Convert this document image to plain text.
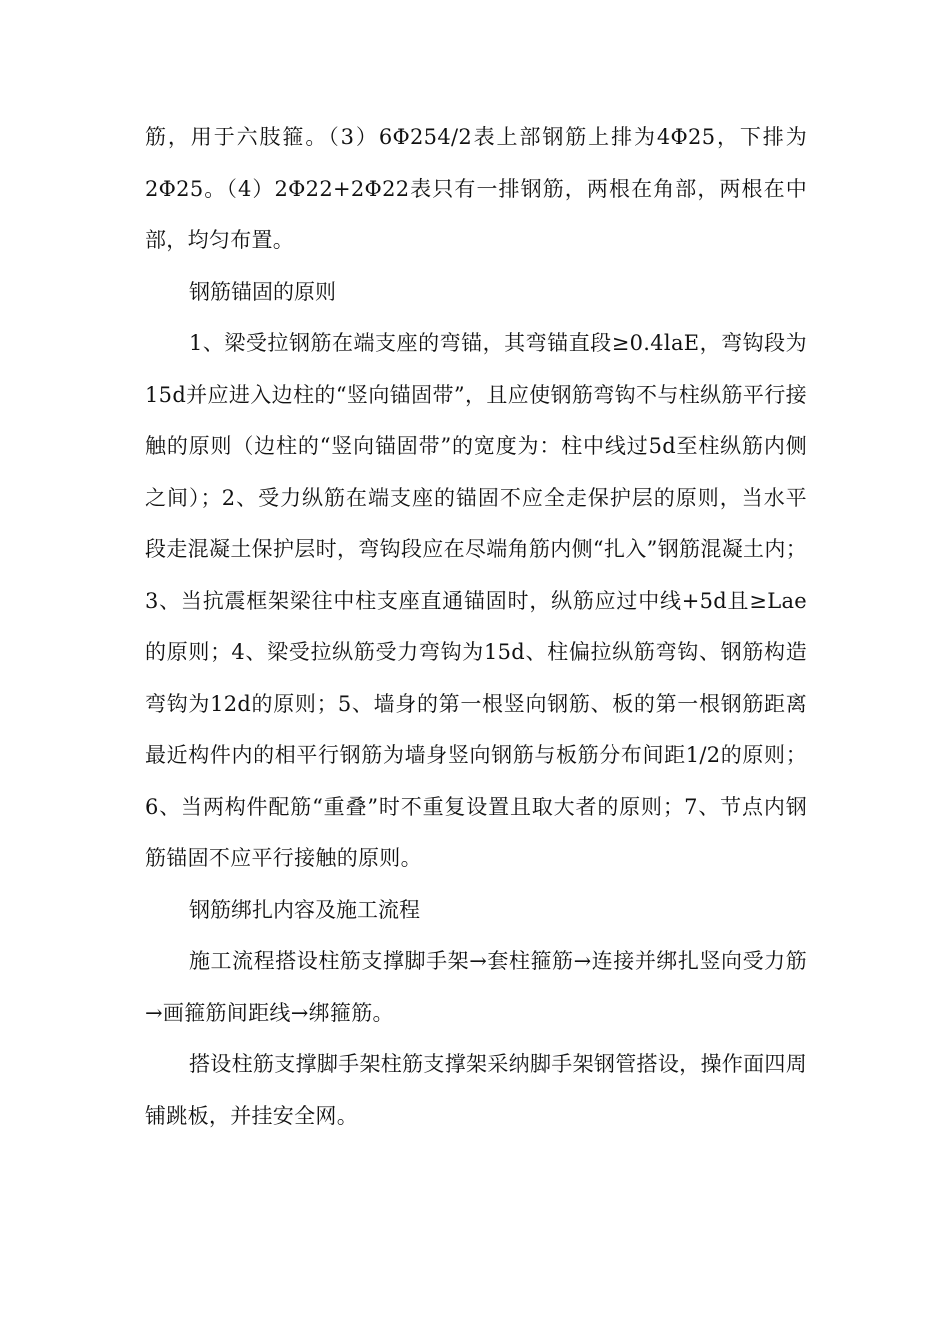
筋，用于六肢箍。（3）6Φ254/2表上部钢筋上排为4Φ25，下排为2Φ25。（4）2Φ22+2Φ22表只有一排钢筋，两根在角部，两根在中部，均匀布置。

钢筋锚固的原则

1、梁受拉钢筋在端支座的弯锚，其弯锚直段≥0.4laE，弯钩段为15d并应进入边柱的“竖向锚固带”，且应使钢筋弯钩不与柱纵筋平行接触的原则（边柱的“竖向锚固带”的宽度为：柱中线过5d至柱纵筋内侧之间）；2、受力纵筋在端支座的锚固不应全走保护层的原则，当水平段走混凝土保护层时，弯钩段应在尽端角筋内侧“扎入”钢筋混凝土内；3、当抗震框架梁往中柱支座直通锚固时，纵筋应过中线+5d且≥Lae的原则；4、梁受拉纵筋受力弯钩为15d、柱偏拉纵筋弯钩、钢筋构造弯钩为12d的原则；5、墙身的第一根竖向钢筋、板的第一根钢筋距离最近构件内的相平行钢筋为墙身竖向钢筋与板筋分布间距1/2的原则；6、当两构件配筋“重叠”时不重复设置且取大者的原则；7、节点内钢筋锚固不应平行接触的原则。

钢筋绑扎内容及施工流程

施工流程搭设柱筋支撑脚手架→套柱箍筋→连接并绑扎竖向受力筋→画箍筋间距线→绑箍筋。

搭设柱筋支撑脚手架柱筋支撑架采纳脚手架钢管搭设，操作面四周铺跳板，并挂安全网。
